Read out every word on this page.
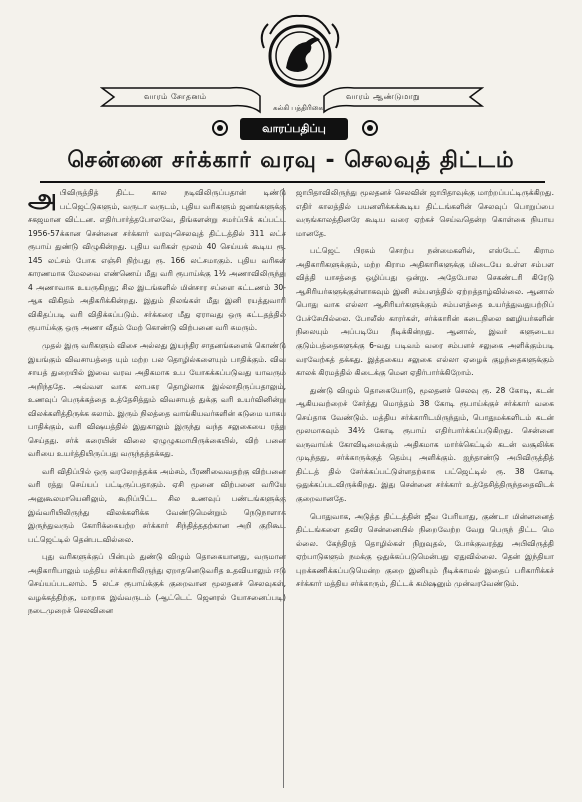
வாரம் சோதனம்	வாரம் ஆண்டுமாறு
கல்கி பத்திரிகை
வாரப்பதிப்பு
சென்னை சர்க்கார் வரவு - செலவுத் திட்டம்

அபிவிருத்தித் திட்ட கால நடிவிலிருப்பதான் டிண்டு பட்ஜெட்டுகளும், வருடா வருடம், புதிய வரிகளும் ஜனங்களுக்கு சகஜமான விட்டன. எதிர்பார்த்தபோலவே, திங்களன்று சமர்ப்பிக் கப்பட்ட 1956-57க்கான சென்னை சர்க்கார் வரவு-செலவுத் திட்டத்தில் 311 லட்ச ரூபாய் துண்டு விழுகின்றது. புதிய வரிகள் மூலம் 40 செய்யக் கூடிய ரூ. 145 லட்சம் போக எஞ்சி நிற்பது ரூ. 166 லட்சமாகும். புதிய வரிகள் காரணமாக மேலவை எண்ணெய் மீது வரி ரூபாய்க்கு 1½ அணாவிலிருந்து 4 அணாவாக உயருகிறது; சில இடங்களில் மின்சார சப்ளை கட்டணம் 30-ஆக விகிதம் அதிகரிக்கின்றது. இதும் நிலங்கள் மீது இனி ரயத்துவாரி விகிதப்படி வரி விதிக்கப்படும். சர்க்கரை மீது ஏராவது ஒரு கட்டதத்தில் ரூபாய்க்கு ஒரு அணா வீதம் மேற் கொண்டு விற்பனை வரி சுமரும்.

முதல் இரு வரிகளும் விசை அல்லது இயந்திர சாதனங்களைக் கொண்டு இயங்கும் விவசாயத்தை யும் மற்ற பல தொழில்களையும் பாதிக்கும். விவ சாயத் துறையில் இவை வரவ அதிகமாக உப யோகக்கப்படுவது யாவரும் அறிந்ததே. அவ்வள வாக லாபகர தொழிலாக இல்லாதிருப்பதாலும், உணவுப் பெருக்கத்தை உத்தேசித்தும் விவசாயத் துக்கு வரி உயர்வினின்று விலக்களித்திருக்க கலாம். இரும் நிலத்தை வாங்கியவர்களின் கடுமை யாகப் பாதிக்கும், வரி விஷயத்தில் இதுகாலும் இருந்து வந்த சலுகையை ரத்து செய்தது. சர்க் கரையின் விலை ஏழுழுகமாயிருக்கையில், விற் பனை வரியை உயர்த்தியிருப்பது வருந்தத்தக்கது.

வரி விதிப்பில் ஒரு வரலேறத்தக்க அம்சம், பீரணிவைவதற்கு விற்பனை வரி ரத்து செய்யப் பட்டிருப்பதாகும். ஏசி மூனை விற்பனை வரியே அனுகூலமாயெனிலும், கூறிப்பிட்ட சில உணவுப் பண்டங்களுக்கு இவ்வரியிலிருந்து விலக்களிக்க வேண்டுமென்றும் நெடுநாளாக இருந்துவரும் கோரிக்கையற்ற சர்க்கார் சிந்தித்ததற்கான அறி குறிகூட பட்ஜெட்டில் தென்படவில்லை.

புது வரிகளுக்குப் பின்பும் துண்டு விழும் தொகையானது, வருமான அதிகாரிபாலும் மத்திய சர்க்காரிலிருந்து ஏறாதனெடுவரித உதவியாலும் ஈடு செய்யப்படலாம். 5 லட்ச ரூபாய்க்குக் குறைவான மூலதனச் செலவுகள், வழக்கத்திற்கு, மாறாக இவ்வருடம் (ஆட்டெட் ஜெனரல் யோசனைப்படி) நடைமுறைச் செலவினை

ஜாபிதாவிலிருந்து மூலதனச் செலவின் ஜாபிதாவுக்கு மாற்றப்பட்டிருக்கிறது. எதிர் காலத்தில் பயனளிக்கக்கூடிய திட்டங்களின் செலவுப் பொறுப்பை வருங்காலத்தினரே கூடிய வரை ஏற்கச் செய்வதென்ற கொள்கை நியாய மானதே.

பட்ஜெட் பிரசும் சொற்ப நன்மைகளில், எஸ்டேட் கிராம அதிகாரிகளுக்கும், மற்ற கிராம அதிகாரிகளுக்கு மிடையே உள்ள சம்பள வித்தி யாசத்தை ஒழிப்பது ஒன்று. அதேபோல செகண்டரி கிரேடு ஆசிரியர்களுக்குள்ளாகவும் இனி சம்பளத்தில் ஏற்றத்தாழ்வில்லை. ஆனால் பொது வாக எல்லா ஆசிரியர்களுக்கும் சம்பளத்தை உயர்த்துவதுபற்றிப் பேச்சேயில்லை. போலீஸ் காரர்கள், சர்க்காரின் கடைநிலை ஊழியர்களின் நிலையும் அப்படியே நீடிக்கின்றது. ஆனால், இவர் களுடைய குடும்பத்தைகளுக்கு 6-வது படிவம் வரை சம்பளச் சலுகை அளிக்கும்படி வரவேற்கத் தக்கது. இத்தகைய சலுகை எல்லா ஏழைக் குழந்தைகளுக்கும் காலக் கிரமத்தில் கிடைக்கு மென ஏதிர்பார்க்கிறோம்.

துண்டு விழும் தொகையோடு, மூலதனச் செலவு ரூ. 28 கோடி, கடன் ஆகியவற்றைச் சேர்த்து மொத்தம் 38 கோடி ரூபாய்க்குச் சர்க்கார் வகை செய்தாக வேண்டும். மத்திய சர்க்காரிடமிருந்தும், பொதுமக்களிடம் கடன் மூலமாகவும் 34½ கோடி ரூபாய் எதிர்பார்க்கப்படுகிறது. சென்னை வருவாய்க் கோவிடிமைக்கும் அதிகமாக மார்க்கெட்டில் கடன் வசூலிக்க முடிந்தது, சர்க்காருக்குத் தெம்பு அளிக்கும். ஐந்தாண்டு அபிவிருத்தித் திட்டத் தில் சேர்க்கப்பட்டுள்ளதற்காக பட்ஜெட்டில் ரூ. 38 கோடி ஒதுக்கப்படவிருக்கிறது. இது சென்னை சர்க்கார் உத்தேசித்திருந்ததைவிடக் குறைவானதே.

பொதுவாக, அடுத்த திட்டத்தின் ஜீவ பேரியாது, குண்டா மின்னனைத் திட்டங்களை தவிர சென்னையில் நிறைவேற்ற வேறு பெருந் திட்ட மெ ல்லை. கேந்திரத் தொழில்கள் நிறுவுதல், போக்குவரத்து அபிவிருத்தி ஏற்பாடுகளும் நமக்கு ஒதுக்கப்படுமென்பது ஏதுவில்லை. தென் இந்தியா புறக்கணிக்கப்படுமென்ற குறை இனியும் நீடிக்காமல் இதைப் பரிகாரிக்கச் சர்க்கார் மத்திய சர்க்காரும், திட்டக் கமிஷனும் முன்வரவேண்டும்.
